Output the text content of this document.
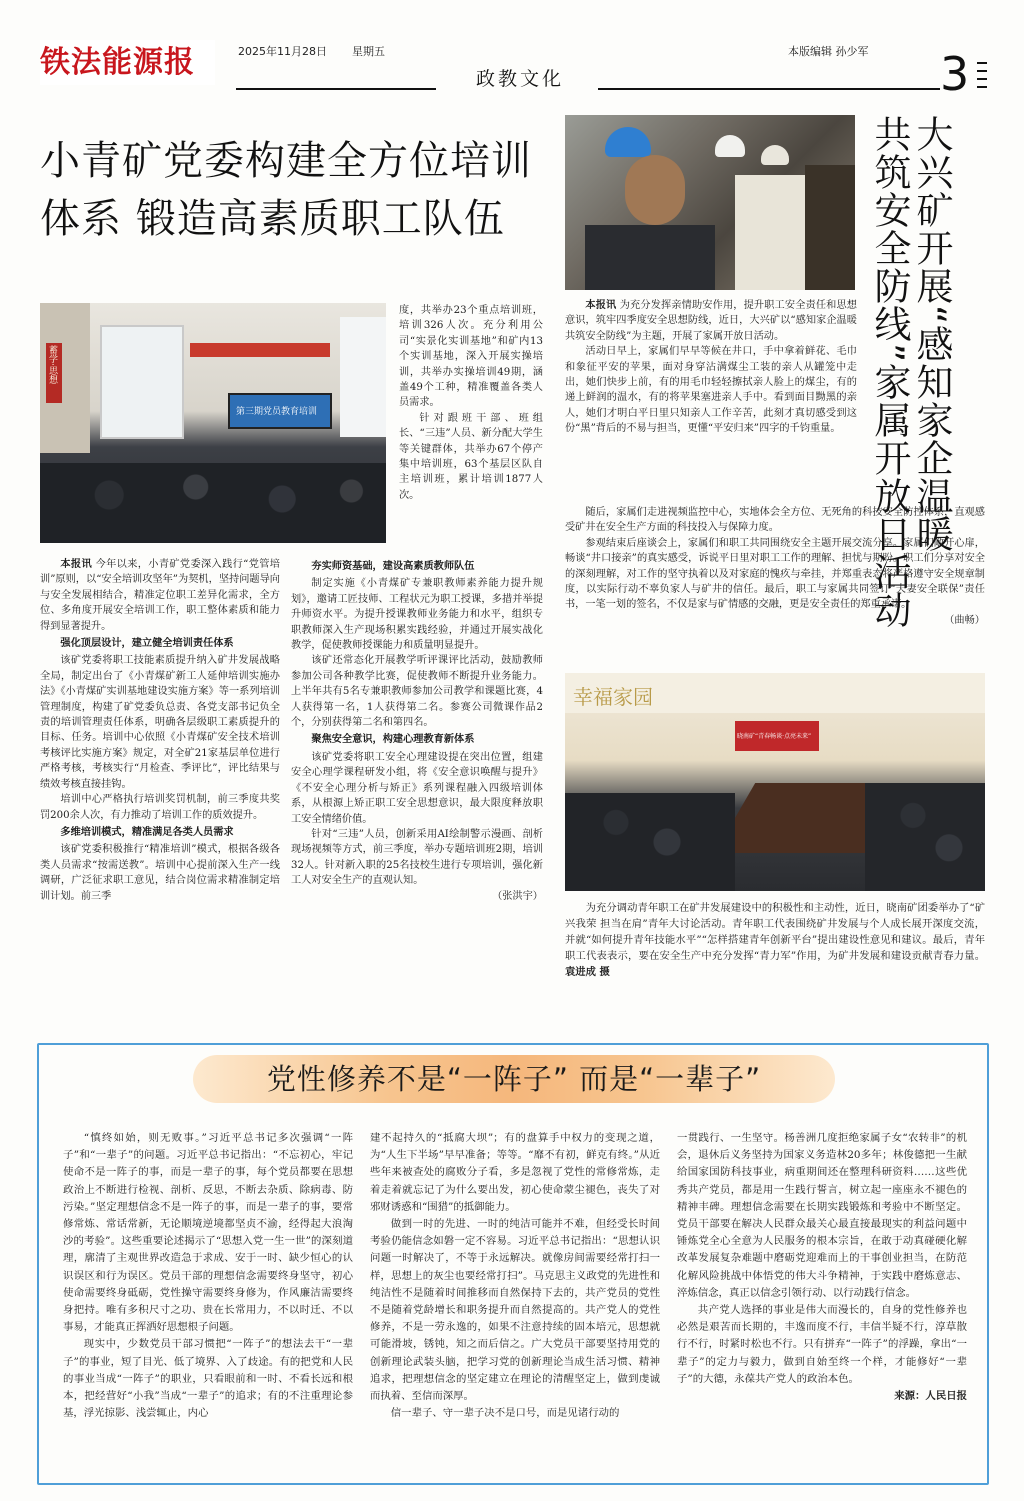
铁法能源报	2025年11月28日 星期五	本版编辑 孙少军
政教文化	3
小青矿党委构建全方位培训
体系 锻造高素质职工队伍
蓄学·思想
第三期党员教育培训

度，共举办23个重点培训班，培训326人次。充分利用公司“实景化实训基地”和矿内13个实训基地，深入开展实操培训，共举办实操培训49期，涵盖49个工种，精准覆盖各类人员需求。

针对跟班干部、班组长、“三违”人员、新分配大学生等关键群体，共举办67个停产集中培训班，63个基层区队自主培训班，累计培训1877人次。

本报讯 今年以来，小青矿党委深入践行“党管培训”原则，以“安全培训攻坚年”为契机，坚持问题导向与安全发展相结合，精准定位职工差异化需求，全方位、多角度开展安全培训工作，职工整体素质和能力得到显著提升。

强化顶层设计，建立健全培训责任体系

该矿党委将职工技能素质提升纳入矿井发展战略全局，制定出台了《小青煤矿新工人延伸培训实施办法》《小青煤矿实训基地建设实施方案》等一系列培训管理制度，构建了矿党委负总责、各党支部书记负全责的培训管理责任体系，明确各层级职工素质提升的目标、任务。培训中心依照《小青煤矿安全技术培训考核评比实施方案》规定，对全矿21家基层单位进行严格考核，考核实行“月检查、季评比”，评比结果与绩效考核直接挂钩。

培训中心严格执行培训奖罚机制，前三季度共奖罚200余人次，有力推动了培训工作的质效提升。

多维培训模式，精准满足各类人员需求

该矿党委积极推行“精准培训”模式，根据各级各类人员需求“按需送教”。培训中心提前深入生产一线调研，广泛征求职工意见，结合岗位需求精准制定培训计划。前三季

夯实师资基础，建设高素质教师队伍

制定实施《小青煤矿专兼职教师素养能力提升规划》，邀请工匠技师、工程状元为职工授课，多措并举提升师资水平。为提升授课教师业务能力和水平，组织专职教师深入生产现场积累实践经验，并通过开展实战化教学，促使教师授课能力和质量明显提升。

该矿还常态化开展教学听评课评比活动，鼓励教师参加公司各种教学比赛，促使教师不断提升业务能力。上半年共有5名专兼职教师参加公司教学和课题比赛，4人获得第一名，1人获得第二名。参赛公司微课作品2个，分别获得第二名和第四名。

聚焦安全意识，构建心理教育新体系

该矿党委将职工安全心理建设提在突出位置，组建安全心理学课程研发小组，将《安全意识唤醒与提升》《不安全心理分析与矫正》系列课程融入四级培训体系，从根源上矫正职工安全思想意识，最大限度释放职工安全情绪价值。

针对“三违”人员，创新采用AI绘制警示漫画、剖析现场视频等方式，前三季度，举办专题培训班2期，培训32人。针对新入职的25名技校生进行专项培训，强化新工人对安全生产的直观认知。

（张洪宇）
大兴矿开展“感知家企温暖
共筑安全防线”家属开放日活动

本报讯 为充分发挥亲情助安作用，提升职工安全责任和思想意识，筑牢四季度安全思想防线，近日，大兴矿以“感知家企温暖 共筑安全防线”为主题，开展了家属开放日活动。

活动日早上，家属们早早等候在井口，手中拿着鲜花、毛巾和象征平安的苹果，面对身穿沾满煤尘工装的亲人从罐笼中走出，她们快步上前，有的用毛巾轻轻擦拭亲人脸上的煤尘，有的递上鲜润的温水，有的将苹果塞进亲人手中。看到面目黝黑的亲人，她们才明白平日里只知亲人工作辛苦，此刻才真切感受到这份“黑”背后的不易与担当，更懂“平安归来”四字的千钧重量。

随后，家属们走进视频监控中心，实地体会全方位、无死角的科技安全防控体系，直观感受矿井在安全生产方面的科技投入与保障力度。

参观结束后座谈会上，家属们和职工共同围绕安全主题开展交流分享。家属们敞开心扉，畅谈“井口接亲”的真实感受，诉说平日里对职工工作的理解、担忧与期盼。职工们分享对安全的深刻理解，对工作的坚守执着以及对家庭的愧疚与牵挂，并郑重表态将严格遵守安全规章制度，以实际行动不辜负家人与矿井的信任。最后，职工与家属共同签订“夫妻安全联保”责任书，一笔一划的签名，不仅是家与矿情感的交融，更是安全责任的郑重承诺。

（曲畅）
幸福家园
晓南矿“青春畅谈·点亮未来”

为充分调动青年职工在矿井发展建设中的积极性和主动性，近日，晓南矿团委举办了“矿兴我荣 担当在肩”青年大讨论活动。青年职工代表围绕矿井发展与个人成长展开深度交流，并就“如何提升青年技能水平”“怎样搭建青年创新平台”提出建设性意见和建议。最后，青年职工代表表示，要在安全生产中充分发挥“青力军”作用，为矿井发展和建设贡献青春力量。 袁进成 摄

党性修养不是“一阵子” 而是“一辈子”

“慎终如始，则无败事。”习近平总书记多次强调“一阵子”和“一辈子”的问题。习近平总书记指出：“不忘初心，牢记使命不是一阵子的事，而是一辈子的事，每个党员都要在思想政治上不断进行检视、剖析、反思，不断去杂质、除病毒、防污染。”坚定理想信念不是一阵子的事，而是一辈子的事，要常修常炼、常话常新，无论顺境逆境都坚贞不渝，经得起大浪淘沙的考验”。这些重要论述揭示了“思想入党一生一世”的深刻道理，廓清了主观世界改造急于求成、安于一时、缺少恒心的认识误区和行为误区。党员干部的理想信念需要终身坚守，初心使命需要终身砥砺，党性操守需要终身修为，作风廉洁需要终身把持。唯有多积尺寸之功、贵在长常用力，不以时迁、不以事易，才能真正挥洒好思想根子问题。

现实中，少数党员干部习惯把“一阵子”的想法去干“一辈子”的事业，短了目光、低了境界、入了歧途。有的把党和人民的事业当成“一阵子”的职业，只看眼前和一时、不看长远和根本，把经营好“小我”当成“一辈子”的追求；有的不注重理论参基，浮光掠影、浅尝辄止，内心

建不起持久的“抵腐大坝”；有的盘算手中权力的变现之道，为“人生下半场”早早准备；等等。“靡不有初，鲜克有终。”从近些年来被查处的腐败分子看，多是忽视了党性的常修常炼，走着走着就忘记了为什么要出发，初心使命蒙尘褪色，丧失了对邪财诱惑和“围猎”的抵御能力。

做到一时的先进、一时的纯洁可能并不难，但经受长时间考验仍能信念如磐一定不容易。习近平总书记指出：“思想认识问题一时解决了，不等于永远解决。就像房间需要经常打扫一样，思想上的灰尘也要经常打扫”。马克思主义政党的先进性和纯洁性不是随着时间推移而自然保持下去的，共产党员的党性不是随着党龄增长和职务提升而自然提高的。共产党人的党性修养，不是一劳永逸的，如果不注意持续的固本培元，思想就可能滑坡，锈钝，知之而后信之。广大党员干部要坚持用党的创新理论武装头脑，把学习党的创新理论当成生活习惯、精神追求，把理想信念的坚定建立在理论的清醒坚定上，做到虔诚而执着、至信而深厚。

信一辈子、守一辈子决不是口号，而是见诸行动的

一贯践行、一生坚守。杨善洲几度拒绝家属子女“农转非”的机会，退休后义务坚持为国家义务造林20多年；林俊德把一生献给国家国防科技事业，病重期间还在整理科研资料……这些优秀共产党员，都是用一生践行誓言，树立起一座座永不褪色的精神丰碑。理想信念需要在长期实践锻炼和考验中不断坚定。党员干部要在解决人民群众最关心最直接最现实的利益问题中锤炼党全心全意为人民服务的根本宗旨，在敢于动真碰硬化解改革发展复杂难题中磨砺党迎难而上的干事创业担当，在防范化解风险挑战中体悟党的伟大斗争精神，于实践中磨炼意志、淬炼信念，真正以信念引领行动、以行动践行信念。

共产党人选择的事业是伟大而漫长的，自身的党性修养也必然是艰苦而长期的，丰逸而度不行，丰信半疑不行，淳草散行不行，时紧时松也不行。只有拼弃“一阵子”的浮躁，拿出“一辈子”的定力与毅力，做到自始至终一个样，才能修好“一辈子”的大德，永葆共产党人的政治本色。

来源：人民日报
